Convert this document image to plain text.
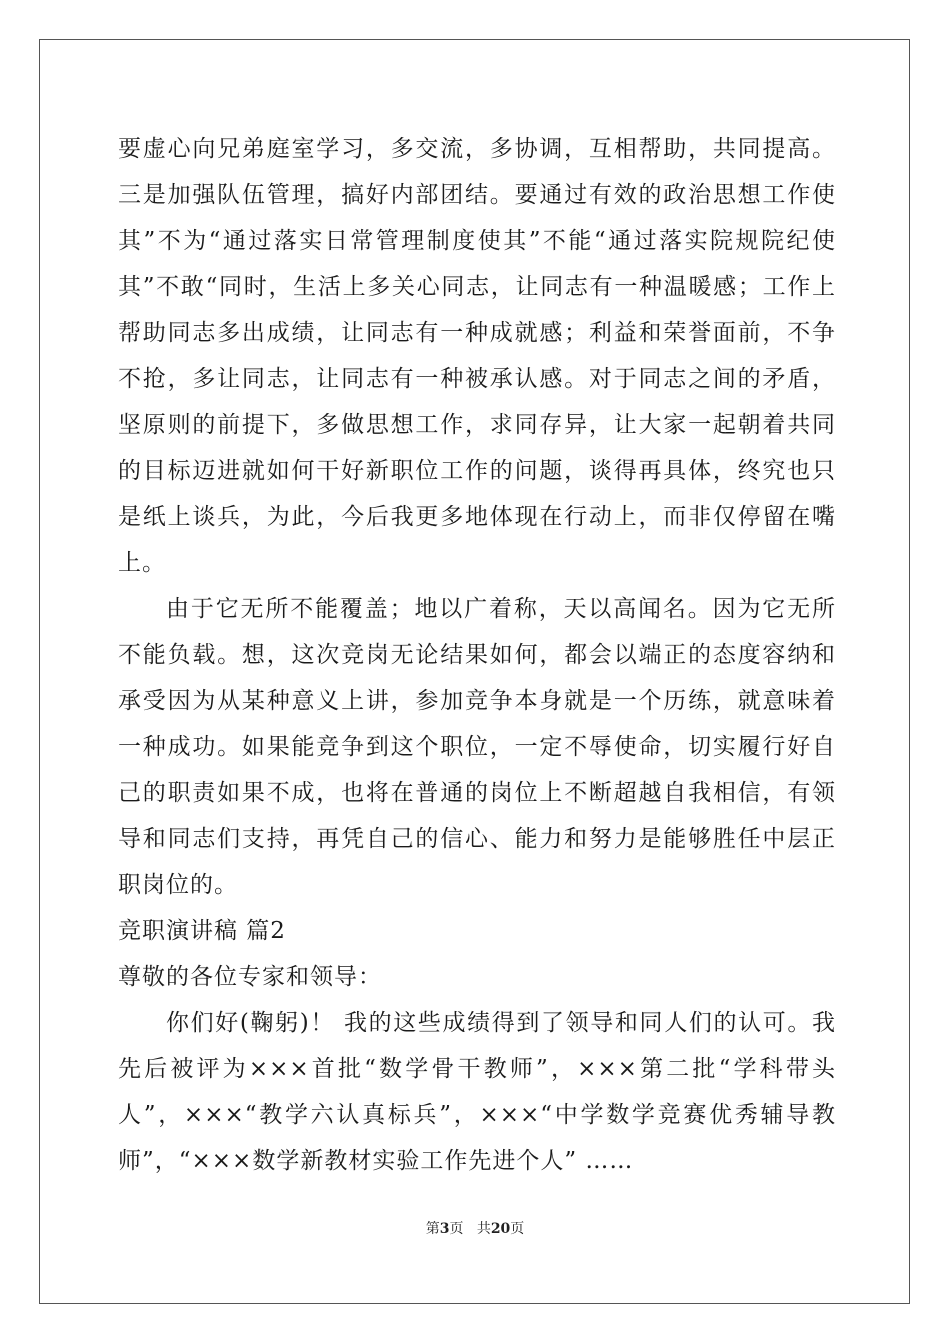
要虚心向兄弟庭室学习，多交流，多协调，互相帮助，共同提高。三是加强队伍管理，搞好内部团结。要通过有效的政治思想工作使其”不为“通过落实日常管理制度使其”不能“通过落实院规院纪使其”不敢“同时，生活上多关心同志，让同志有一种温暖感；工作上帮助同志多出成绩，让同志有一种成就感；利益和荣誉面前，不争不抢，多让同志，让同志有一种被承认感。对于同志之间的矛盾，坚原则的前提下，多做思想工作，求同存异，让大家一起朝着共同的目标迈进就如何干好新职位工作的问题，谈得再具体，终究也只是纸上谈兵，为此，今后我更多地体现在行动上，而非仅停留在嘴上。

由于它无所不能覆盖；地以广着称，天以高闻名。因为它无所不能负载。想，这次竞岗无论结果如何，都会以端正的态度容纳和承受因为从某种意义上讲，参加竞争本身就是一个历练，就意味着一种成功。如果能竞争到这个职位，一定不辱使命，切实履行好自己的职责如果不成，也将在普通的岗位上不断超越自我相信，有领导和同志们支持，再凭自己的信心、能力和努力是能够胜任中层正职岗位的。

竞职演讲稿 篇2

尊敬的各位专家和领导：

你们好(鞠躬)！ 我的这些成绩得到了领导和同人们的认可。我先后被评为×××首批“数学骨干教师”，×××第二批“学科带头人”，×××“教学六认真标兵”，×××“中学数学竞赛优秀辅导教师”，“×××数学新教材实验工作先进个人” ……

第3页 共20页
